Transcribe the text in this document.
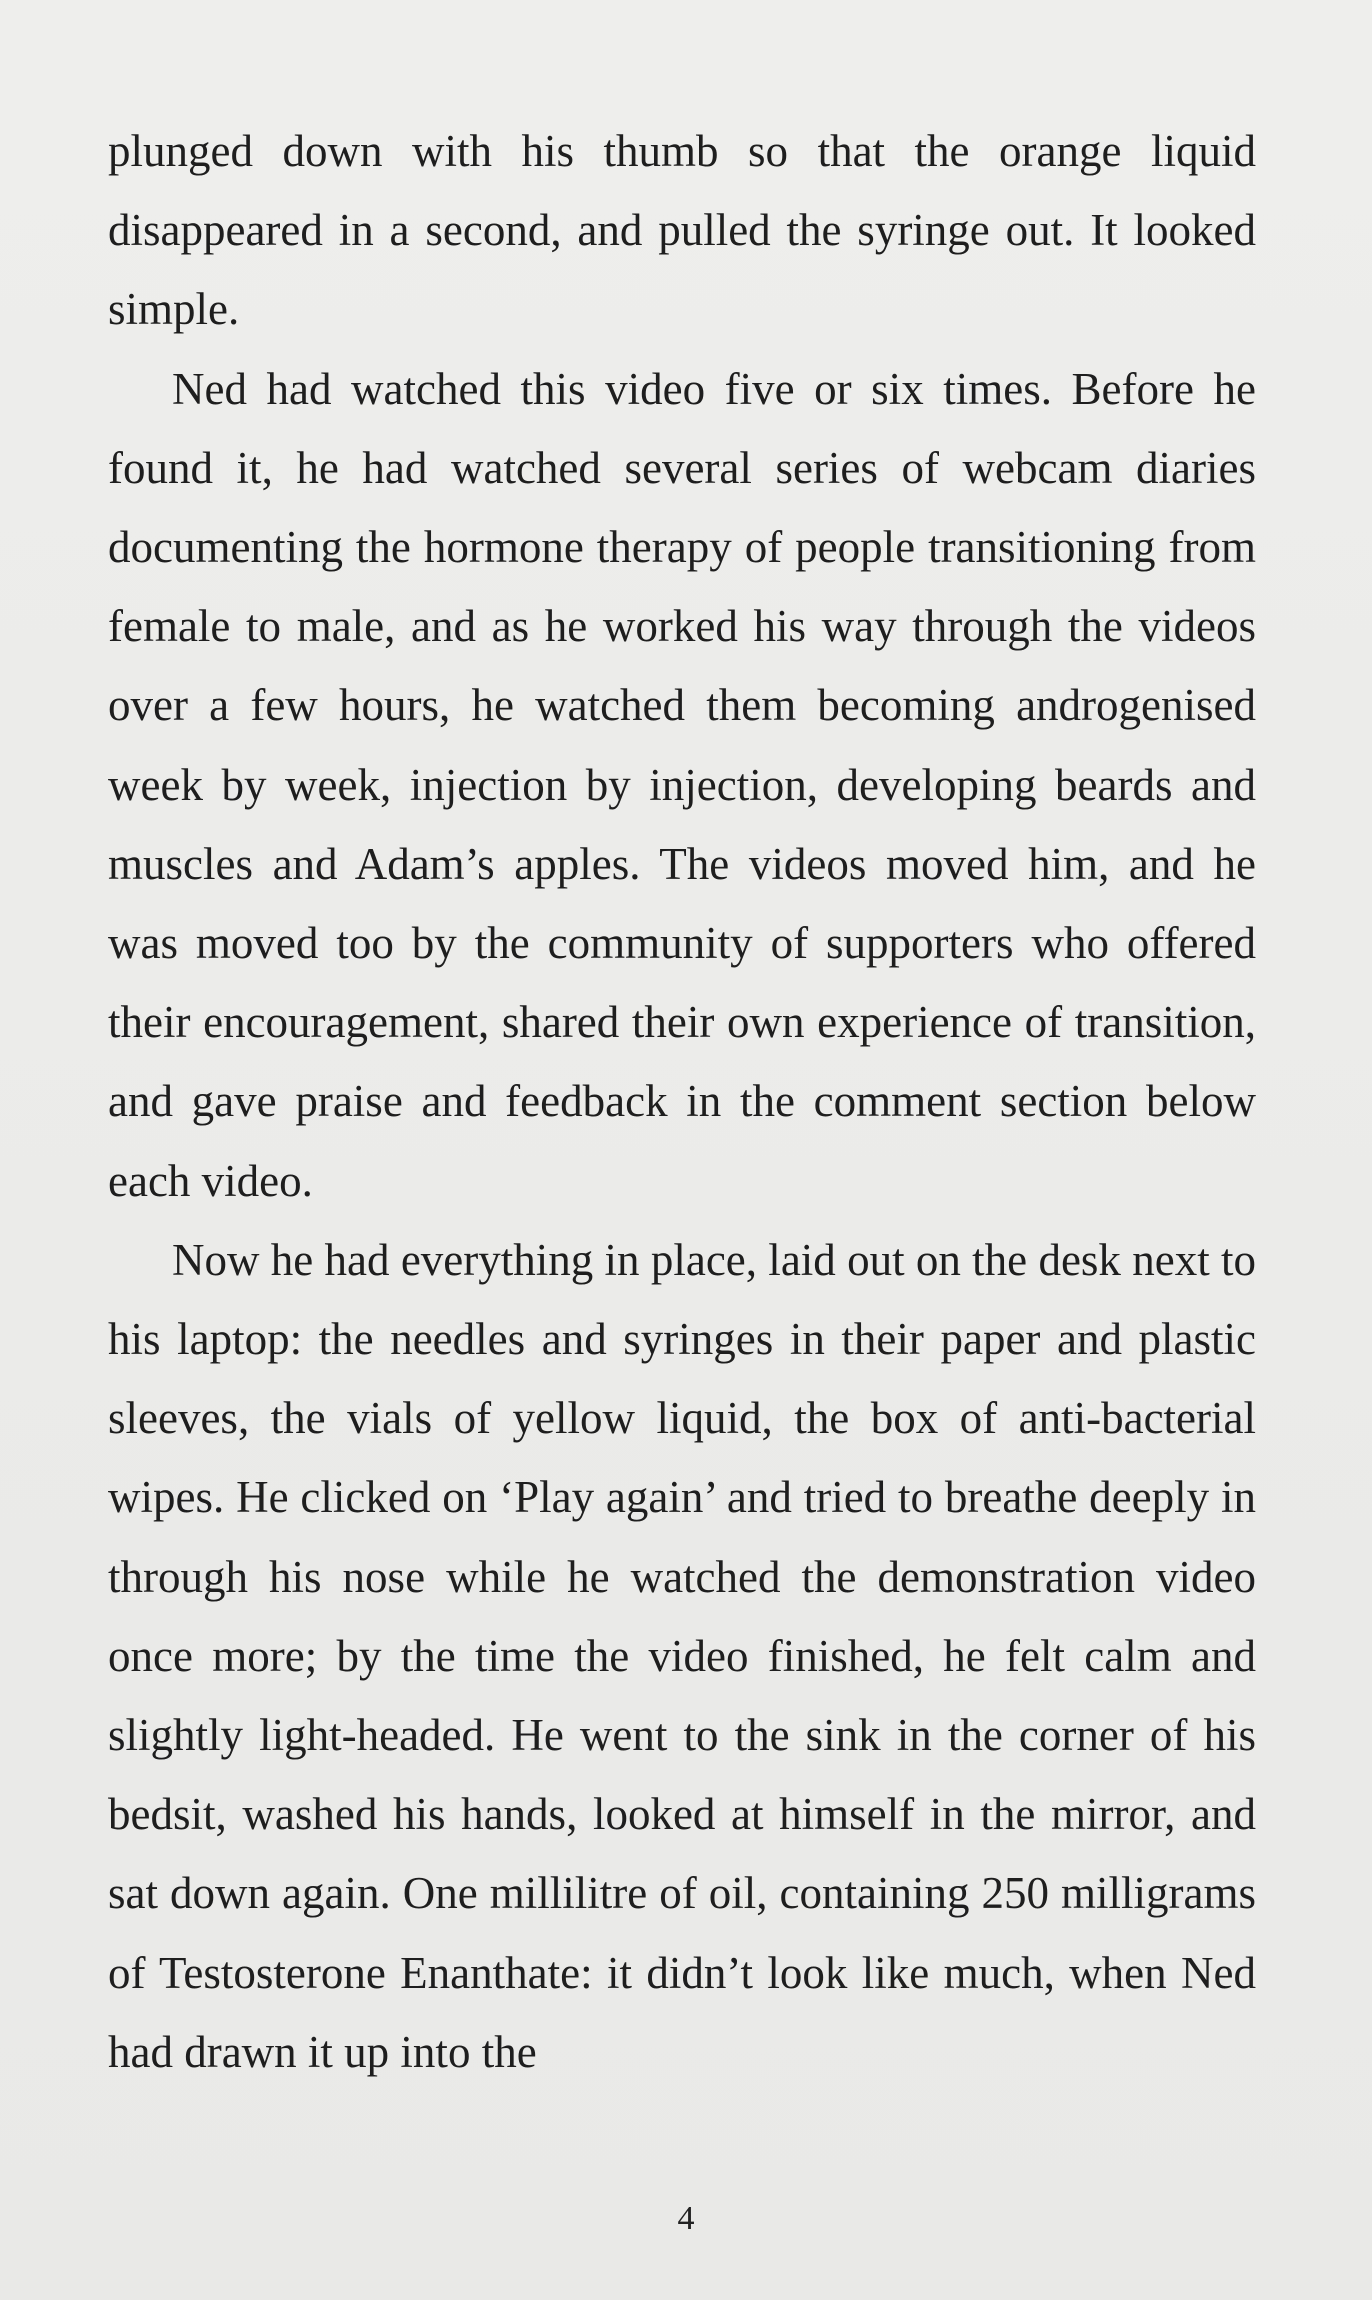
plunged down with his thumb so that the orange liquid disappeared in a second, and pulled the syringe out. It looked simple.

Ned had watched this video five or six times. Before he found it, he had watched several series of webcam diaries documenting the hormone therapy of people transitioning from female to male, and as he worked his way through the videos over a few hours, he watched them becoming androgenised week by week, injection by injection, developing beards and muscles and Adam’s apples. The videos moved him, and he was moved too by the community of supporters who offered their encouragement, shared their own experience of transition, and gave praise and feedback in the comment section below each video.

Now he had everything in place, laid out on the desk next to his laptop: the needles and syringes in their paper and plastic sleeves, the vials of yellow liquid, the box of anti-bacterial wipes. He clicked on ‘Play again’ and tried to breathe deeply in through his nose while he watched the demonstration video once more; by the time the video finished, he felt calm and slightly light-headed. He went to the sink in the corner of his bedsit, washed his hands, looked at himself in the mirror, and sat down again. One millilitre of oil, containing 250 milligrams of Testosterone Enanthate: it didn’t look like much, when Ned had drawn it up into the

4
